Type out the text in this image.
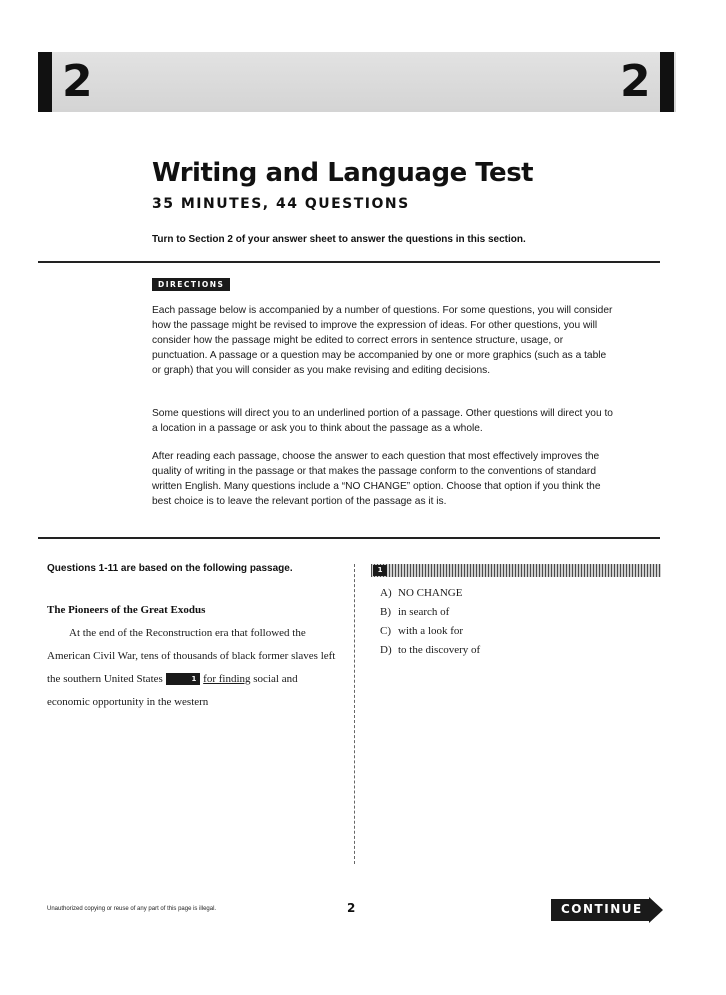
2	2
Writing and Language Test
35 MINUTES, 44 QUESTIONS
Turn to Section 2 of your answer sheet to answer the questions in this section.
DIRECTIONS

Each passage below is accompanied by a number of questions. For some questions, you will consider how the passage might be revised to improve the expression of ideas. For other questions, you will consider how the passage might be edited to correct errors in sentence structure, usage, or punctuation. A passage or a question may be accompanied by one or more graphics (such as a table or graph) that you will consider as you make revising and editing decisions.

Some questions will direct you to an underlined portion of a passage. Other questions will direct you to a location in a passage or ask you to think about the passage as a whole.

After reading each passage, choose the answer to each question that most effectively improves the quality of writing in the passage or that makes the passage conform to the conventions of standard written English. Many questions include a “NO CHANGE” option. Choose that option if you think the best choice is to leave the relevant portion of the passage as it is.

Questions 1-11 are based on the following passage.
The Pioneers of the Great Exodus

At the end of the Reconstruction era that followed the American Civil War, tens of thousands of black former slaves left the southern United States	1 for finding social and economic opportunity in the western

1
A) NO CHANGE
B) in search of
C) with a look for
D) to the discovery of
Unauthorized copying or reuse of any part of this page is illegal.	2	CONTINUE
